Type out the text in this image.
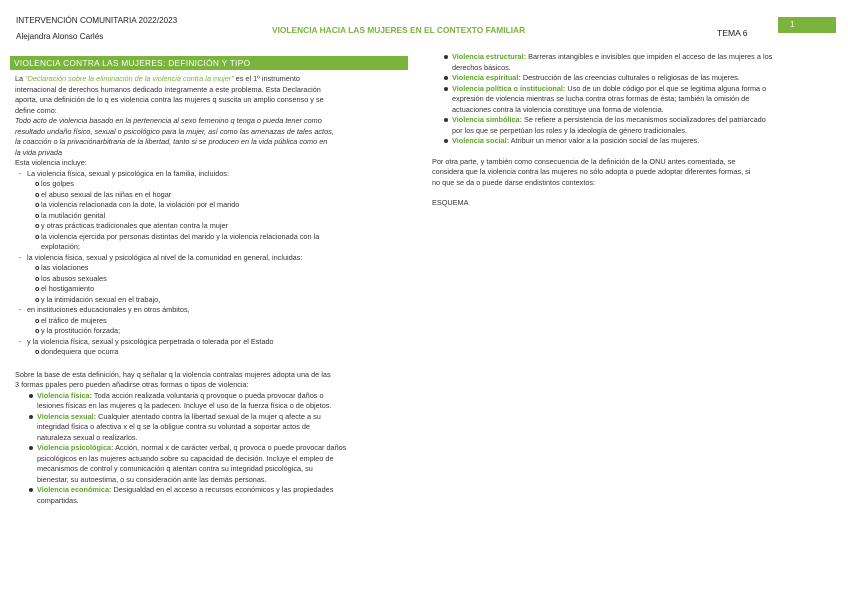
INTERVENCIÓN COMUNITARIA 2022/2023
Alejandra Alonso Carlés
VIOLENCIA HACIA LAS MUJERES EN EL CONTEXTO FAMILIAR	TEMA 6
1
VIOLENCIA CONTRA LAS MUJERES: DEFINICIÓN Y TIPO
La “Declaración sobre la eliminación de la violencia contra la mujer” es el 1º instrumento
internacional de derechos humanos dedicado íntegramente a este problema. Esta Declaración
aporta, una definición de lo q es violencia contra las mujeres q suscita un amplio consenso y se
define como:
Todo acto de violencia basado en la pertenencia al sexo femenino q tenga o pueda tener como
resultado undaño físico, sexual o psicológico para la mujer, así como las amenazas de tales actos,
la coacción o la privaciónarbitraria de la libertad, tanto si se producen en la vida pública como en
la vida privada
Esta violencia incluye:
- La violencia física, sexual y psicológica en la familia, incluidos:
o los golpes
o el abuso sexual de las niñas en el hogar
o la violencia relacionada con la dote, la violación por el marido
o la mutilación genital
o y otras prácticas tradicionales que atentan contra la mujer
o la violencia ejercida por personas distintas del marido y la violencia relacionada con la
explotación;
- la violencia física, sexual y psicológica al nivel de la comunidad en general, incluidas:
o las violaciones
o los abusos sexuales
o el hostigamiento
o y la intimidación sexual en el trabajo,
- en instituciones educacionales y en otros ámbitos,
o el tráfico de mujeres
o y la prostitución forzada;
- y la violencia física, sexual y psicológica perpetrada o tolerada por el Estado
o dondequiera que ocurra
Sobre la base de esta definición, hay q señalar q la violencia contralas mujeres adopta una de las
3 formas ppales pero pueden añadirse otras formas o tipos de violencia:
Violencia física: Toda acción realizada voluntaria q provoque o pueda provocar daños o
lesiones físicas en las mujeres q la padecen. Incluye el uso de la fuerza física o de objetos.
Violencia sexual: Cualquier atentado contra la libertad sexual de la mujer q afecte a su
integridad física o afectiva x el q se la obligue contra su voluntad a soportar actos de
naturaleza sexual o realizarlos.
Violencia psicológica: Acción, normal x de carácter verbal, q provoca o puede provocar daños
psicológicos en las mujeres actuando sobre su capacidad de decisión. Incluye el empleo de
mecanismos de control y comunicación q atentan contra su integridad psicológica, su
bienestar, su autoestima, o su consideración ante las demás personas.
Violencia económica: Desigualdad en el acceso a recursos económicos y las propiedades
compartidas.
Violencia estructural: Barreras intangibles e invisibles que impiden el acceso de las mujeres a los
derechos básicos.
Violencia espiritual: Destrucción de las creencias culturales o religiosas de las mujeres.
Violencia política o institucional: Uso de un doble código por el que se legitima alguna forma o
expresión de violencia mientras se lucha contra otras formas de ésta; también la omisión de
actuaciones contra la violencia constituye una forma de violencia.
Violencia simbólica: Se refiere a persistencia de los mecanismos socializadores del patriarcado
por los que se perpetúan los roles y la ideología de género tradicionales.
Violencia social: Atribuir un menor valor a la posición social de las mujeres.
Por otra parte, y también como consecuencia de la definición de la ONU antes comentada, se
considera que la violencia contra las mujeres no sólo adopta o puede adoptar diferentes formas, si
no que se da o puede darse endistintos contextos:
ESQUEMA
